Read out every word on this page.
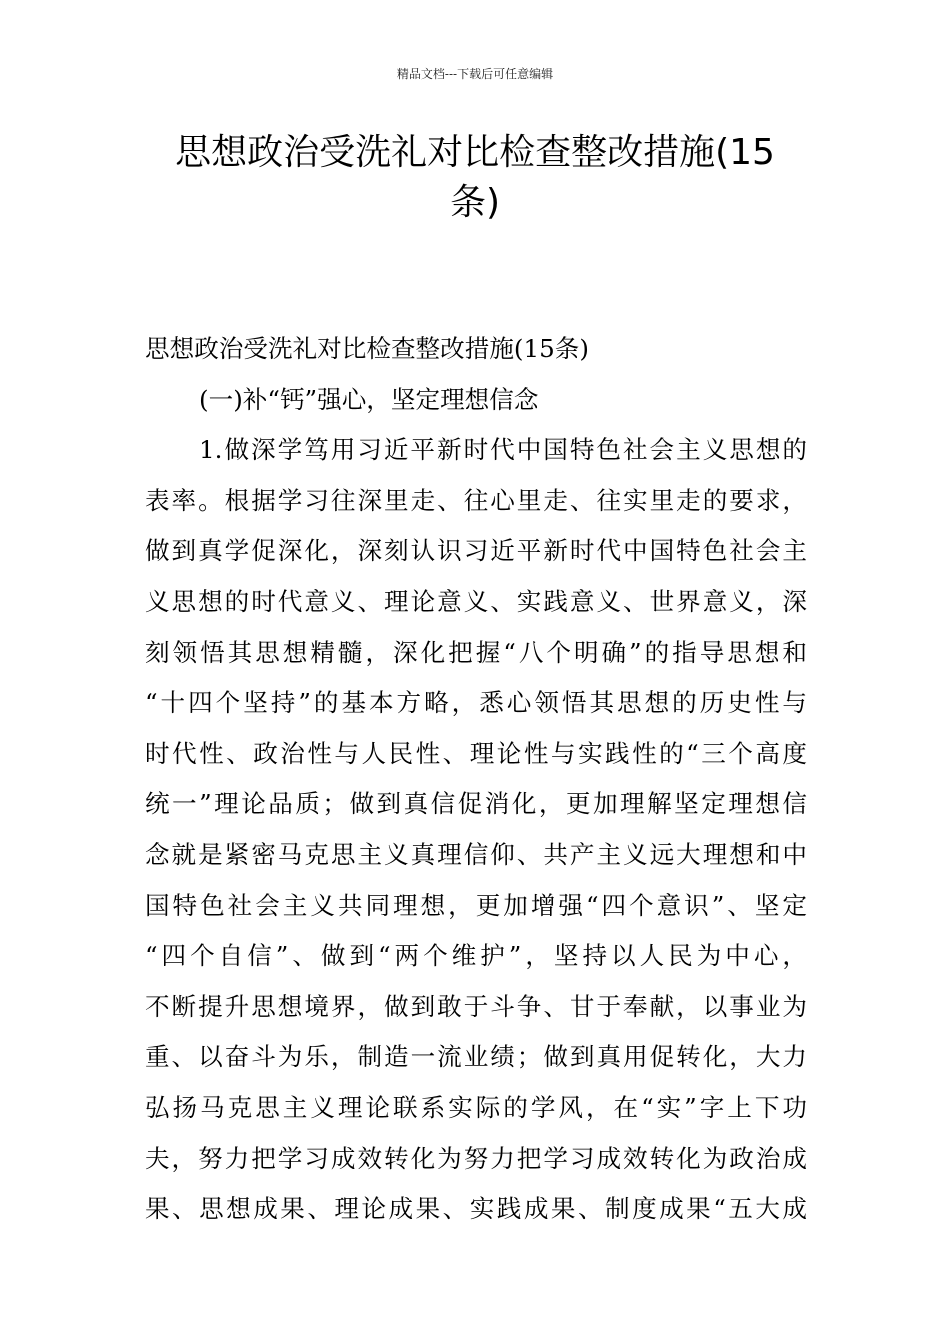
精品文档---下载后可任意编辑
思想政治受洗礼对比检查整改措施(15
条)
思想政治受洗礼对比检查整改措施(15条)
(一)补“钙”强心，坚定理想信念
1.做深学笃用习近平新时代中国特色社会主义思想的
表率。根据学习往深里走、往心里走、往实里走的要求，
做到真学促深化，深刻认识习近平新时代中国特色社会主
义思想的时代意义、理论意义、实践意义、世界意义，深
刻领悟其思想精髓，深化把握“八个明确”的指导思想和
“十四个坚持”的基本方略，悉心领悟其思想的历史性与
时代性、政治性与人民性、理论性与实践性的“三个高度
统一”理论品质；做到真信促消化，更加理解坚定理想信
念就是紧密马克思主义真理信仰、共产主义远大理想和中
国特色社会主义共同理想，更加增强“四个意识”、坚定
“四个自信”、做到“两个维护”，坚持以人民为中心，
不断提升思想境界，做到敢于斗争、甘于奉献，以事业为
重、以奋斗为乐，制造一流业绩；做到真用促转化，大力
弘扬马克思主义理论联系实际的学风，在“实”字上下功
夫，努力把学习成效转化为努力把学习成效转化为政治成
果、思想成果、理论成果、实践成果、制度成果“五大成
